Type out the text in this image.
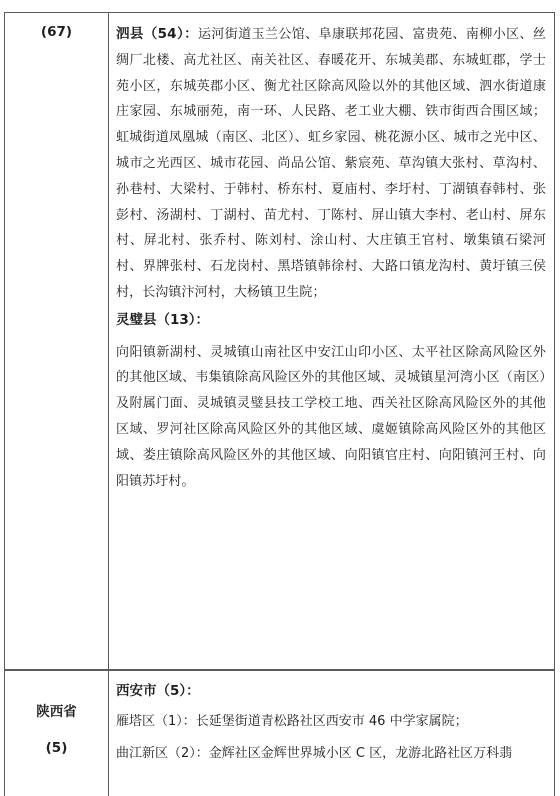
(67)	泗县（54）：运河街道玉兰公馆、阜康联邦花园、富贵苑、南柳小区、丝绸厂北楼、高尤社区、南关社区、春暖花开、东城美郡、东城虹郡，学士苑小区，东城英郡小区、衡尤社区除高风险以外的其他区域、泗水街道康庄家园、东城丽苑，南一环、人民路、老工业大棚、铁市街西合围区域；虹城街道凤凰城（南区、北区）、虹乡家园、桃花源小区、城市之光中区、城市之光西区、城市花园、尚品公馆、紫宸苑、草沟镇大张村、草沟村、孙巷村、大梁村、于韩村、桥东村、夏庙村、李圩村、丁湖镇春韩村、张彭村、汤湖村、丁湖村、苗尤村、丁陈村、屏山镇大李村、老山村、屏东村、屏北村、张乔村、陈刘村、涂山村、大庄镇王官村、墩集镇石梁河村、界牌张村、石龙岗村、黑塔镇韩徐村、大路口镇龙沟村、黄圩镇三侯村，长沟镇汴河村，大杨镇卫生院；

灵璧县（13）：

向阳镇新湖村、灵城镇山南社区中安江山印小区、太平社区除高风险区外的其他区域、韦集镇除高风险区外的其他区域、灵城镇星河湾小区（南区）及附属门面、灵城镇灵璧县技工学校工地、西关社区除高风险区外的其他区域、罗河社区除高风险区外的其他区域、虞姬镇除高风险区外的其他区域、娄庄镇除高风险区外的其他区域、向阳镇官庄村、向阳镇河王村、向阳镇苏圩村。

陕西省
(5)

西安市（5）：

雁塔区（1）：长延堡街道青松路社区西安市 46 中学家属院；

曲江新区（2）：金辉社区金辉世界城小区 C 区，龙游北路社区万科翡
